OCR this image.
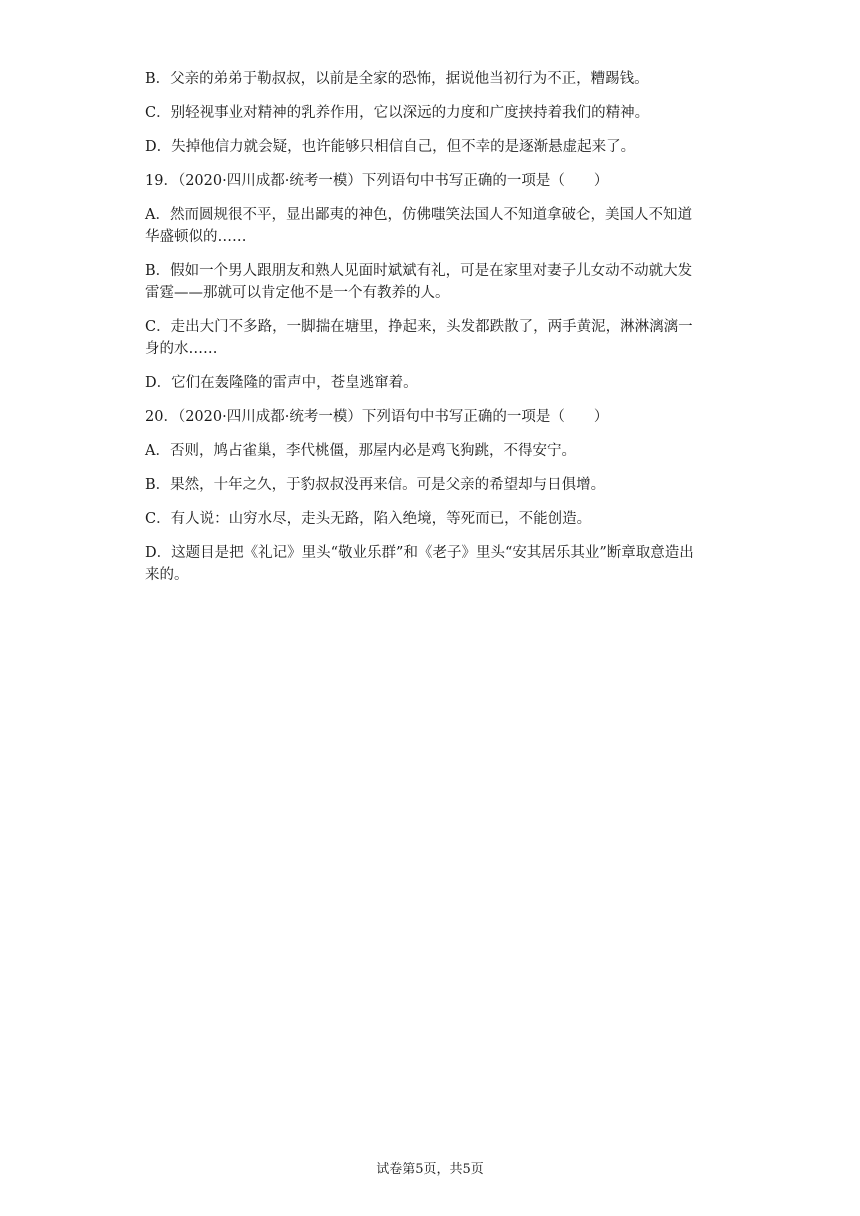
B．父亲的弟弟于勒叔叔，以前是全家的恐怖，据说他当初行为不正，糟踢钱。

C．别轻视事业对精神的乳养作用，它以深远的力度和广度挟持着我们的精神。

D．失掉他信力就会疑，也许能够只相信自己，但不幸的是逐渐悬虚起来了。

19．（2020·四川成都·统考一模）下列语句中书写正确的一项是（　　）

A．然而圆规很不平，显出鄙夷的神色，仿佛嗤笑法国人不知道拿破仑，美国人不知道

华盛顿似的……

B．假如一个男人跟朋友和熟人见面时斌斌有礼，可是在家里对妻子儿女动不动就大发

雷霆——那就可以肯定他不是一个有教养的人。

C．走出大门不多路，一脚揣在塘里，挣起来，头发都跌散了，两手黄泥，淋淋漓漓一

身的水……

D．它们在轰隆隆的雷声中，苍皇逃窜着。

20．（2020·四川成都·统考一模）下列语句中书写正确的一项是（　　）

A．否则，鸠占雀巢，李代桃僵，那屋内必是鸡飞狗跳，不得安宁。

B．果然，十年之久，于豹叔叔没再来信。可是父亲的希望却与日俱增。

C．有人说：山穷水尽，走头无路，陷入绝境，等死而已，不能创造。

D．这题目是把《礼记》里头“敬业乐群”和《老子》里头“安其居乐其业”断章取意造出

来的。

试卷第5页，共5页
